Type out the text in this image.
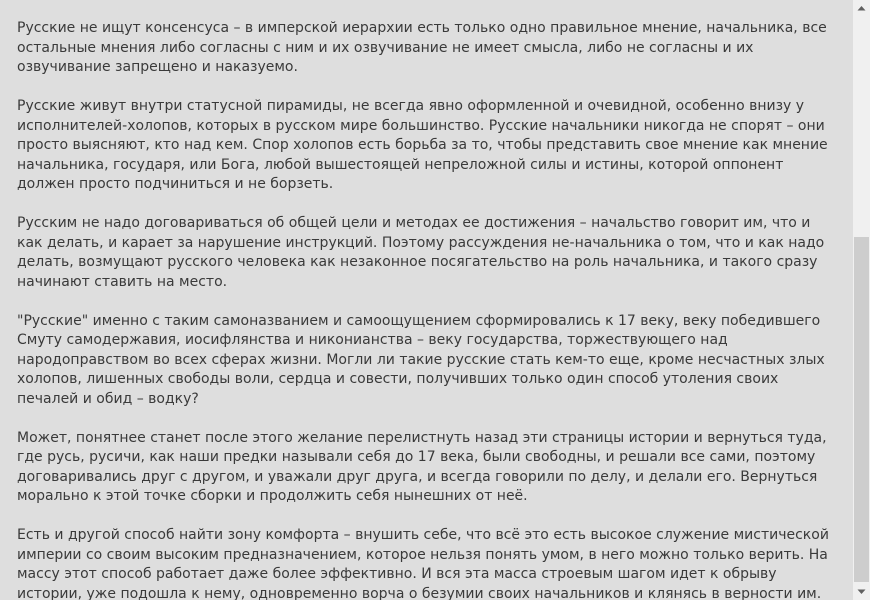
Русские не ищут консенсуса – в имперской иерархии есть только одно правильное мнение, начальника, все остальные мнения либо согласны с ним и их озвучивание не имеет смысла, либо не согласны и их озвучивание запрещено и наказуемо.

Русские живут внутри статусной пирамиды, не всегда явно оформленной и очевидной, особенно внизу у исполнителей-холопов, которых в русском мире большинство. Русские начальники никогда не спорят – они просто выясняют, кто над кем. Спор холопов есть борьба за то, чтобы представить свое мнение как мнение начальника, государя, или Бога, любой вышестоящей непреложной силы и истины, которой оппонент должен просто подчиниться и не борзеть.

Русским не надо договариваться об общей цели и методах ее достижения – начальство говорит им, что и как делать, и карает за нарушение инструкций. Поэтому рассуждения не-начальника о том, что и как надо делать, возмущают русского человека как незаконное посягательство на роль начальника, и такого сразу начинают ставить на место.

"Русские" именно с таким самоназванием и самоощущением сформировались к 17 веку, веку победившего Смуту самодержавия, иосифлянства и никонианства – веку государства, торжествующего над народоправством во всех сферах жизни. Могли ли такие русские стать кем-то еще, кроме несчастных злых холопов, лишенных свободы воли, сердца и совести, получивших только один способ утоления своих печалей и обид – водку?

Может, понятнее станет после этого желание перелистнуть назад эти страницы истории и вернуться туда, где русь, русичи, как наши предки называли себя до 17 века, были свободны, и решали все сами, поэтому договаривались друг с другом, и уважали друг друга, и всегда говорили по делу, и делали его. Вернуться морально к этой точке сборки и продолжить себя нынешних от неё.

Есть и другой способ найти зону комфорта – внушить себе, что всё это есть высокое служение мистической империи со своим высоким предназначением, которое нельзя понять умом, в него можно только верить. На массу этот способ работает даже более эффективно. И вся эта масса строевым шагом идет к обрыву истории, уже подошла к нему, одновременно ворча о безумии своих начальников и клянясь в верности им.
